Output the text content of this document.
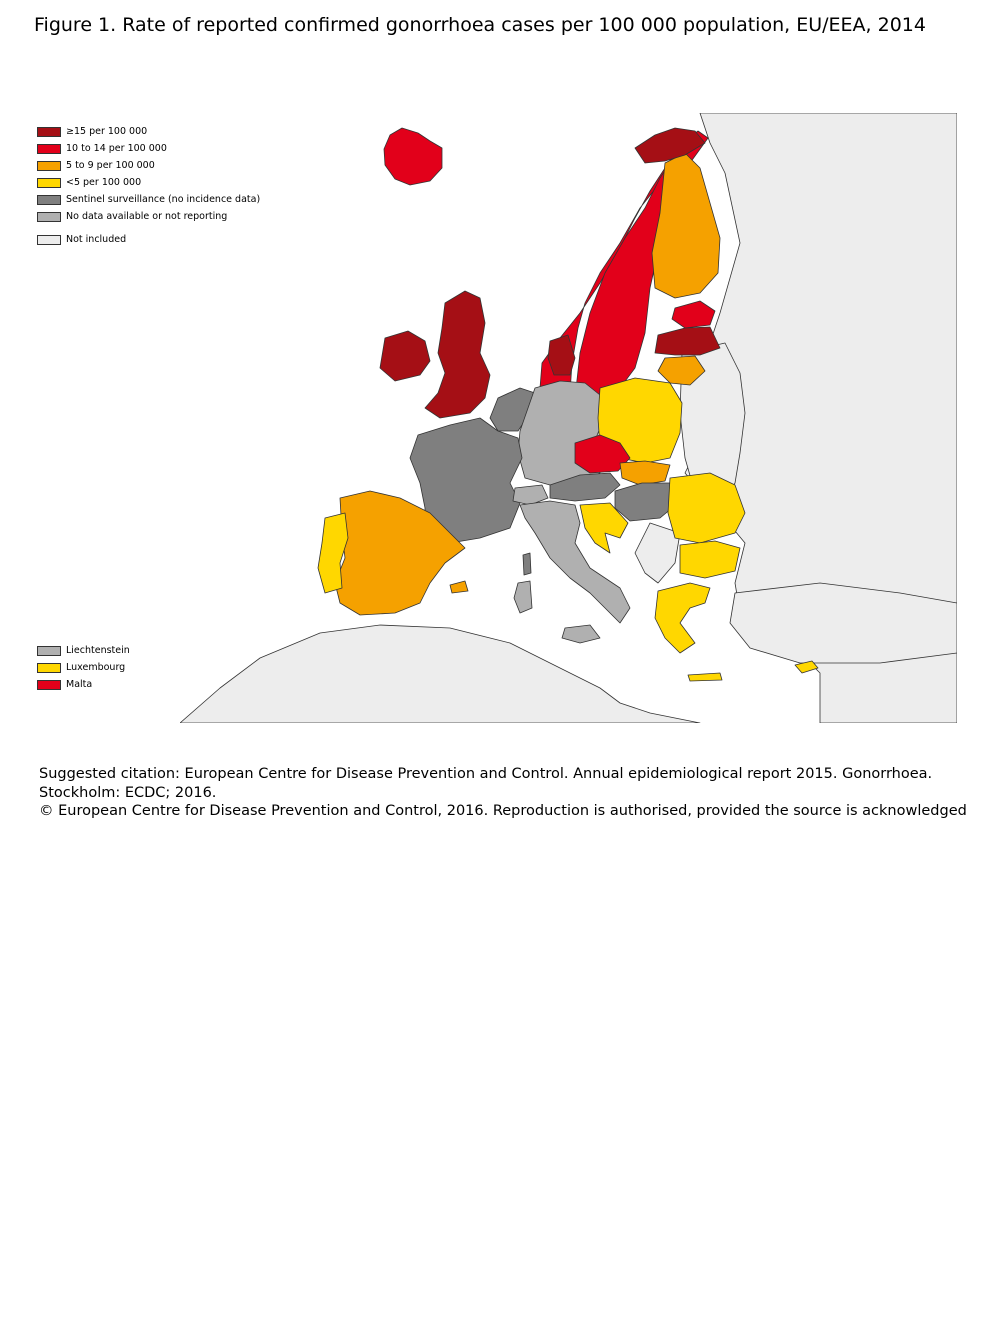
Figure 1. Rate of reported confirmed gonorrhoea cases per 100 000 population, EU/EEA, 2014
≥15 per 100 000
10 to 14 per 100 000
5 to 9 per 100 000
<5 per 100 000
Sentinel surveillance (no incidence data)
No data available or not reporting
Not included
Liechtenstein
Luxembourg
Malta
Suggested citation: European Centre for Disease Prevention and Control. Annual epidemiological report 2015. Gonorrhoea.
Stockholm: ECDC; 2016.
© European Centre for Disease Prevention and Control, 2016. Reproduction is authorised, provided the source is acknowledged
